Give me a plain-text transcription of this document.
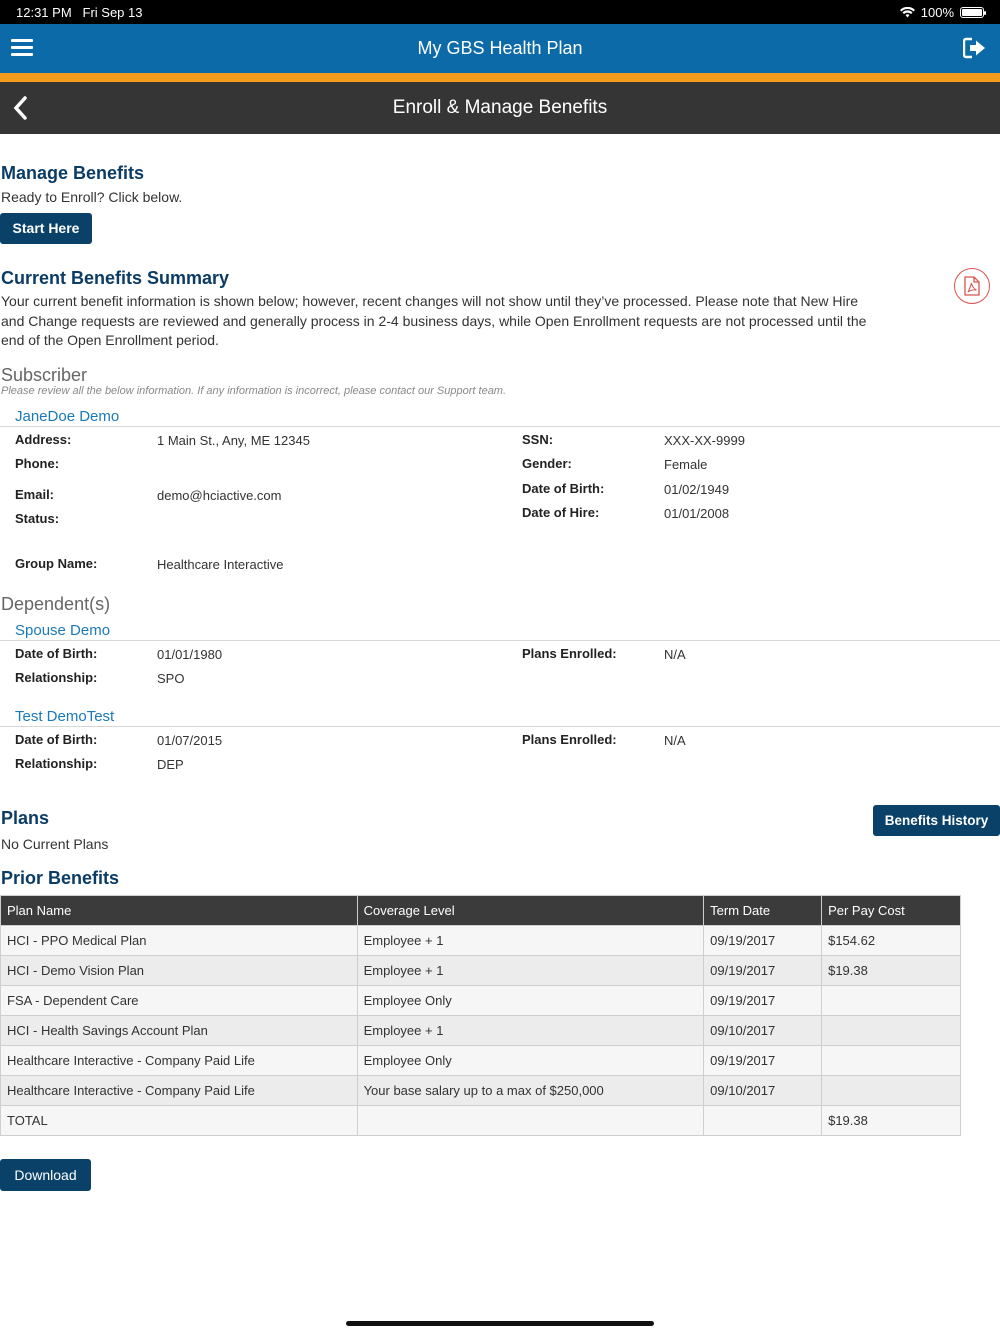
12:31 PM Fri Sep 13	100%
My GBS Health Plan
Enroll & Manage Benefits
Manage Benefits
Ready to Enroll? Click below.
Start Here
Current Benefits Summary
Your current benefit information is shown below; however, recent changes will not show until they’ve processed. Please note that New Hire
and Change requests are reviewed and generally process in 2-4 business days, while Open Enrollment requests are not processed until the
end of the Open Enrollment period.
Subscriber
Please review all the below information. If any information is incorrect, please contact our Support team.
JaneDoe Demo
Address:	1 Main St., Any, ME 12345
Phone:
Email:	demo@hciactive.com
Status:
Group Name:	Healthcare Interactive
SSN:	XXX-XX-9999
Gender:	Female
Date of Birth:	01/02/1949
Date of Hire:	01/01/2008
Dependent(s)
Spouse Demo
Date of Birth:	01/01/1980
Relationship:	SPO
Plans Enrolled:	N/A
Test DemoTest
Date of Birth:	01/07/2015
Relationship:	DEP
Plans Enrolled:	N/A
Plans	Benefits History
No Current Plans
Prior Benefits
Plan Name	Coverage Level	Term Date	Per Pay Cost
HCI - PPO Medical Plan	Employee + 1	09/19/2017	$154.62
HCI - Demo Vision Plan	Employee + 1	09/19/2017	$19.38
FSA - Dependent Care	Employee Only	09/19/2017	
HCI - Health Savings Account Plan	Employee + 1	09/10/2017	
Healthcare Interactive - Company Paid Life	Employee Only	09/19/2017	
Healthcare Interactive - Company Paid Life	Your base salary up to a max of $250,000	09/10/2017	
TOTAL			$19.38
Download
